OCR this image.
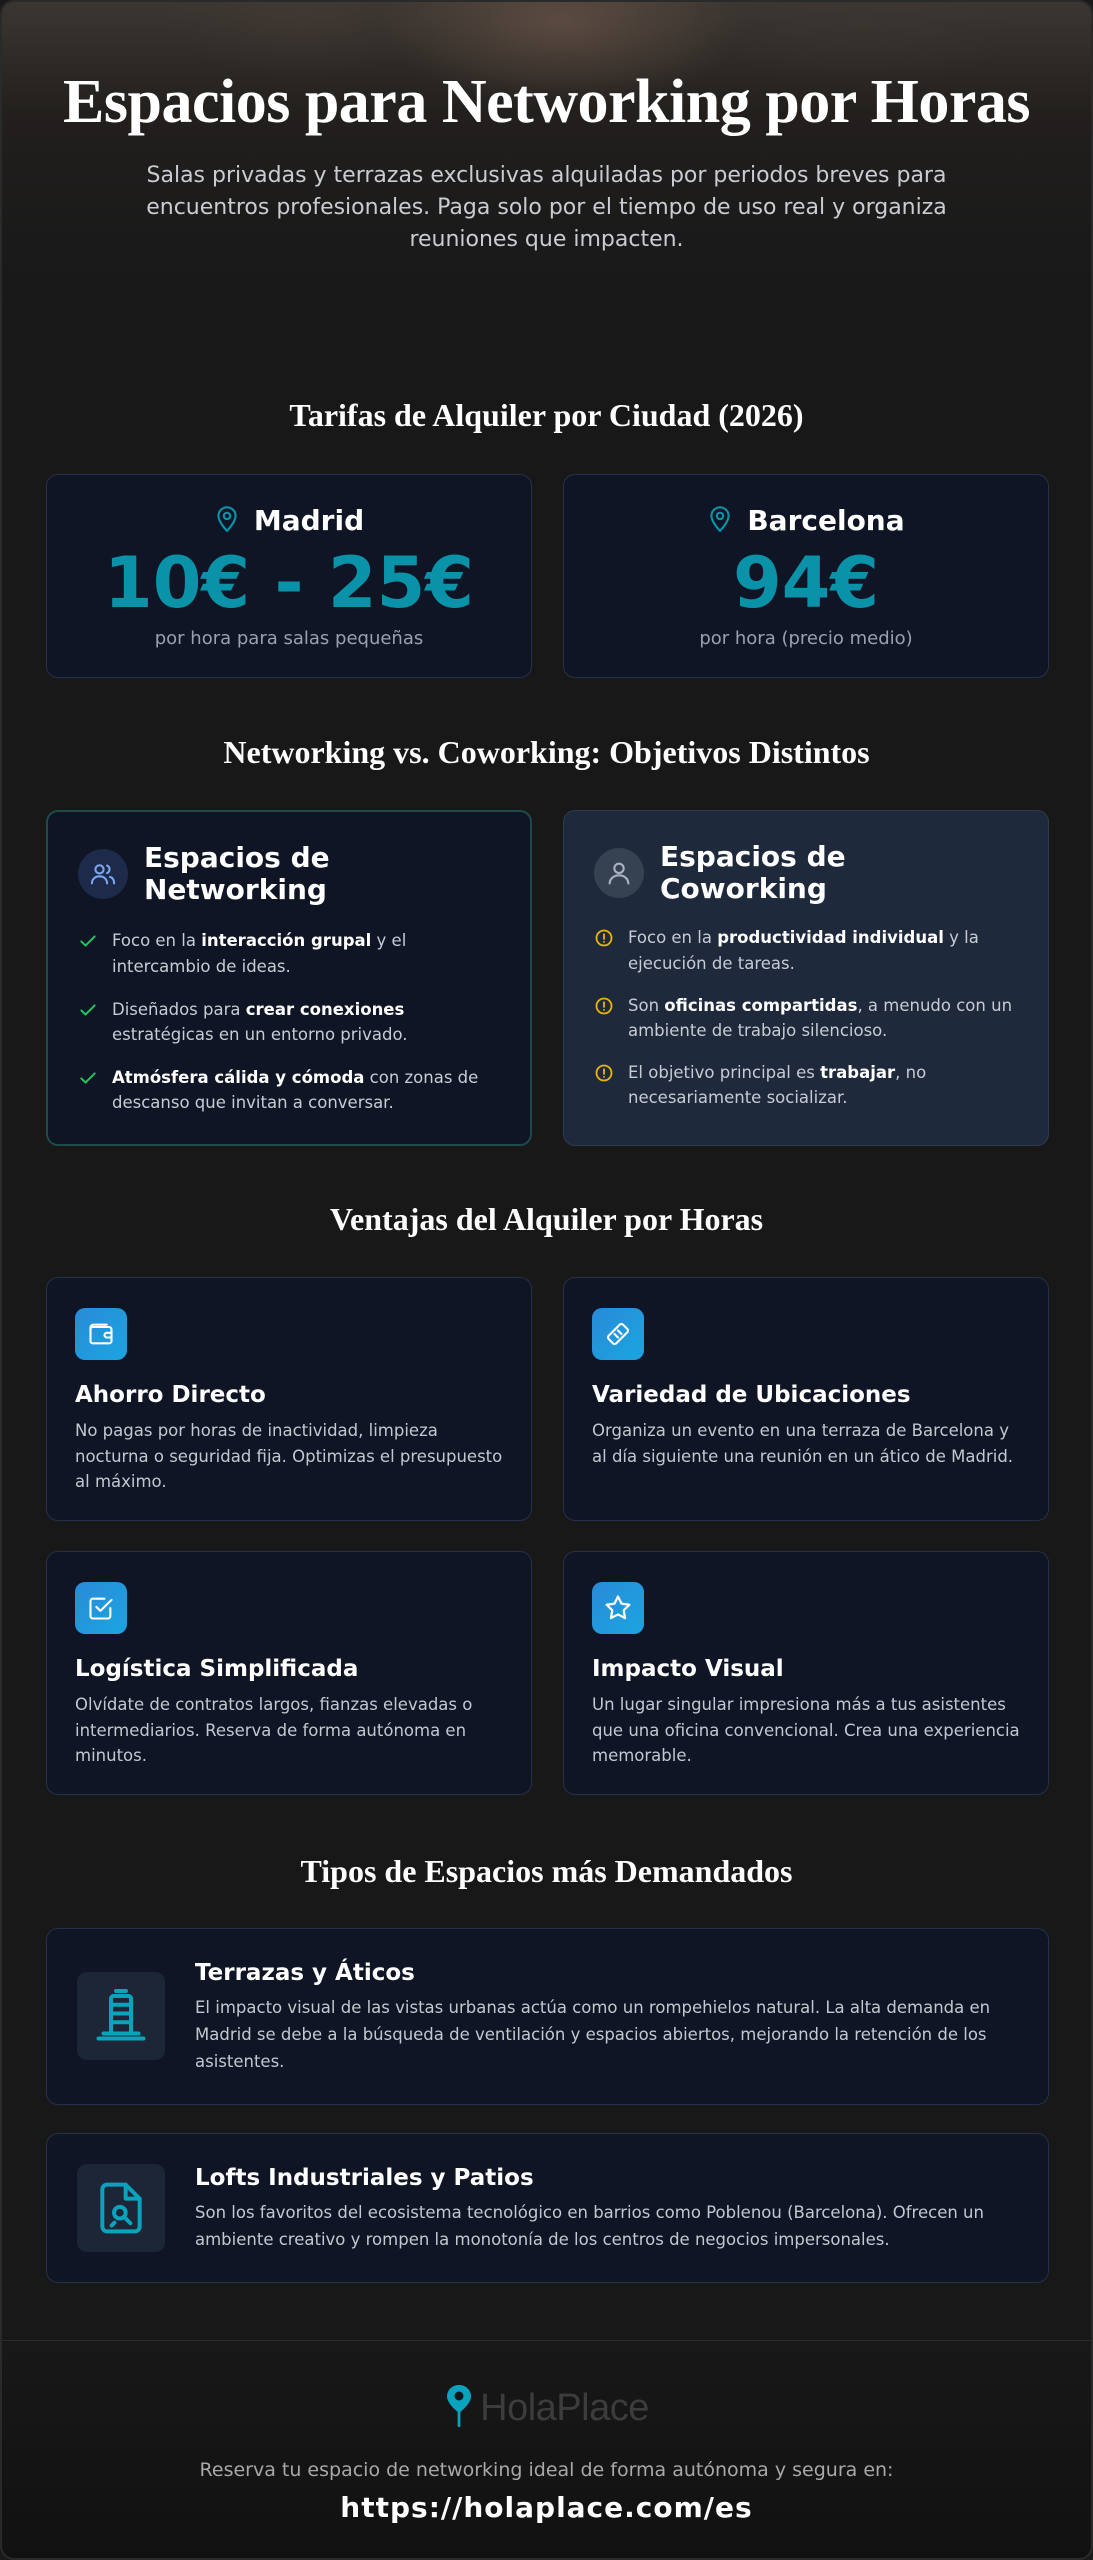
Espacios para Networking por Horas

Salas privadas y terrazas exclusivas alquiladas por periodos breves para encuentros profesionales. Paga solo por el tiempo de uso real y organiza reuniones que impacten.

Tarifas de Alquiler por Ciudad (2026)
Madrid
10€ - 25€
por hora para salas pequeñas
Barcelona
94€
por hora (precio medio)
Networking vs. Coworking: Objetivos Distintos
Espacios de Networking
Foco en la interacción grupal y el intercambio de ideas.
Diseñados para crear conexiones estratégicas en un entorno privado.
Atmósfera cálida y cómoda con zonas de descanso que invitan a conversar.
Espacios de Coworking
Foco en la productividad individual y la ejecución de tareas.
Son oficinas compartidas, a menudo con un ambiente de trabajo silencioso.
El objetivo principal es trabajar, no necesariamente socializar.
Ventajas del Alquiler por Horas
Ahorro Directo
No pagas por horas de inactividad, limpieza nocturna o seguridad fija. Optimizas el presupuesto al máximo.
Variedad de Ubicaciones
Organiza un evento en una terraza de Barcelona y al día siguiente una reunión en un ático de Madrid.
Logística Simplificada
Olvídate de contratos largos, fianzas elevadas o intermediarios. Reserva de forma autónoma en minutos.
Impacto Visual
Un lugar singular impresiona más a tus asistentes que una oficina convencional. Crea una experiencia memorable.
Tipos de Espacios más Demandados
Terrazas y Áticos
El impacto visual de las vistas urbanas actúa como un rompehielos natural. La alta demanda en Madrid se debe a la búsqueda de ventilación y espacios abiertos, mejorando la retención de los asistentes.
Lofts Industriales y Patios
Son los favoritos del ecosistema tecnológico en barrios como Poblenou (Barcelona). Ofrecen un ambiente creativo y rompen la monotonía de los centros de negocios impersonales.
HolaPlace

Reserva tu espacio de networking ideal de forma autónoma y segura en:

https://holaplace.com/es
